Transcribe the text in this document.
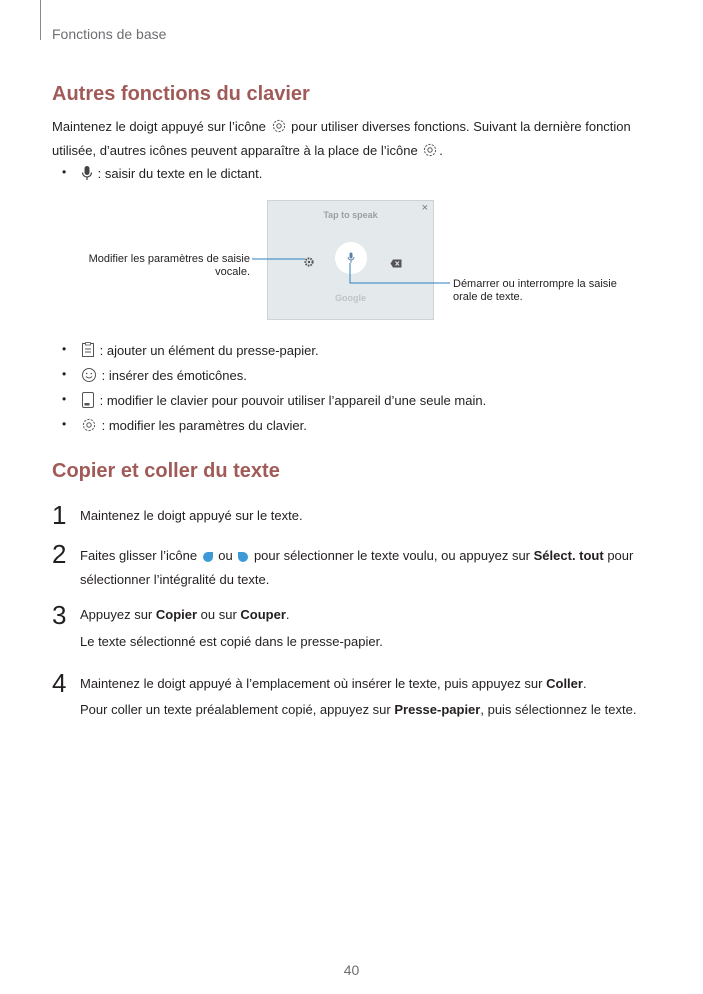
Fonctions de base
Autres fonctions du clavier
Maintenez le doigt appuyé sur l’icône  pour utiliser diverses fonctions. Suivant la dernière fonction
utilisée, d’autres icônes peuvent apparaître à la place de l’icône .
•	: saisir du texte en le dictant.
Tap to speak
×
Google
Modifier les paramètres de saisie
vocale.
Démarrer ou interrompre la saisie
orale de texte.
•	: ajouter un élément du presse-papier.
•	: insérer des émoticônes.
•	: modifier le clavier pour pouvoir utiliser l’appareil d’une seule main.
•	: modifier les paramètres du clavier.
Copier et coller du texte
1 Maintenez le doigt appuyé sur le texte.
2 Faites glisser l’icône  ou  pour sélectionner le texte voulu, ou appuyez sur Sélect. tout pour
sélectionner l’intégralité du texte.
3 Appuyez sur Copier ou sur Couper.
Le texte sélectionné est copié dans le presse-papier.
4 Maintenez le doigt appuyé à l’emplacement où insérer le texte, puis appuyez sur Coller.
Pour coller un texte préalablement copié, appuyez sur Presse-papier, puis sélectionnez le texte.
40
